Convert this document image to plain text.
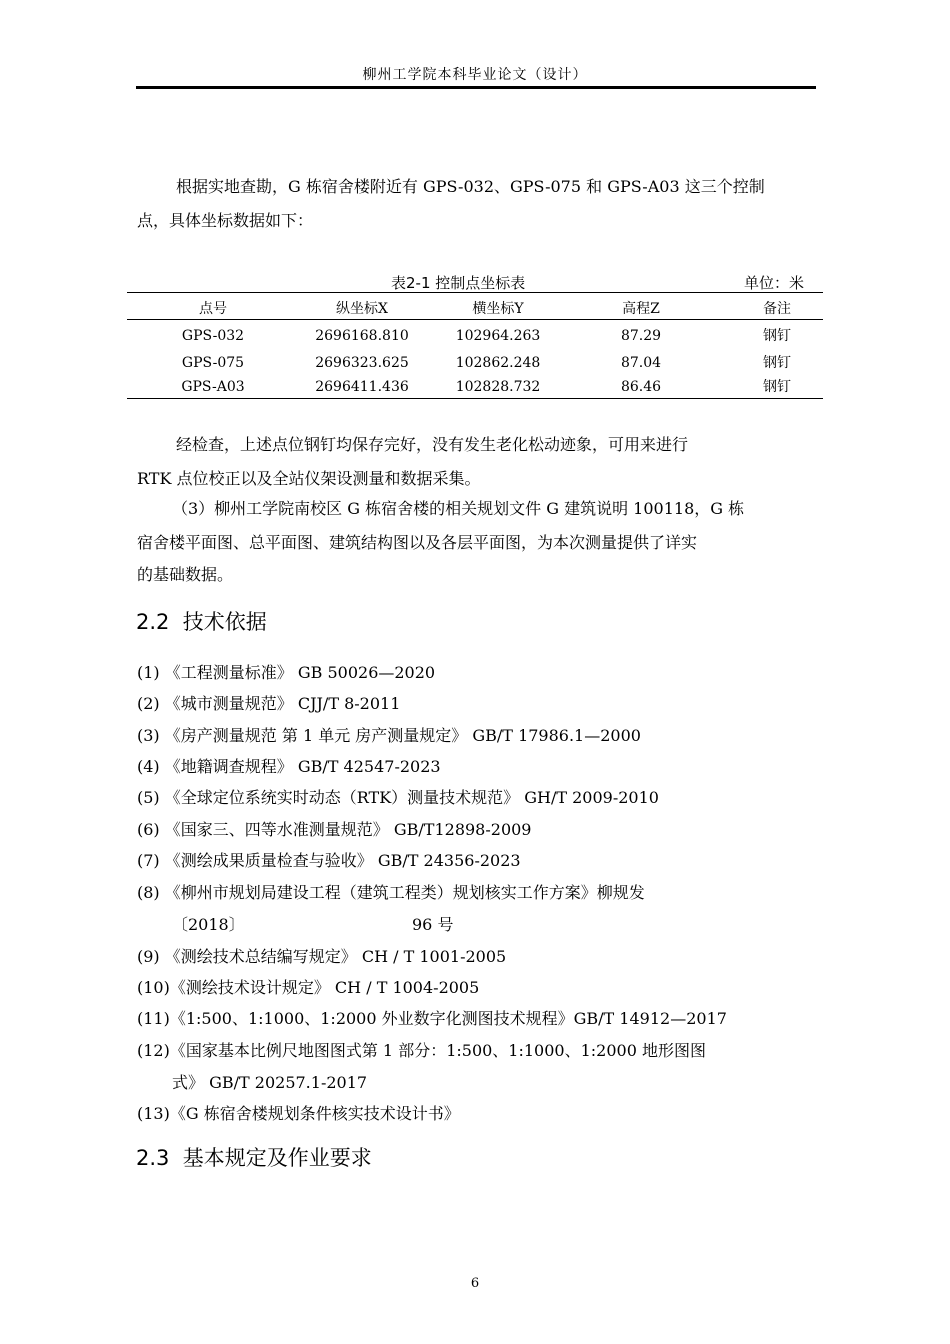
柳州工学院本科毕业论文（设计）
根据实地查勘，G 栋宿舍楼附近有 GPS-032、GPS-075 和 GPS-A03 这三个控制
点，具体坐标数据如下：
表2-1 控制点坐标表	单位：米
点号	纵坐标X	横坐标Y	高程Z	备注
GPS-032	2696168.810	102964.263	87.29	钢钉
GPS-075	2696323.625	102862.248	87.04	钢钉
GPS-A03	2696411.436	102828.732	86.46	钢钉
经检查，上述点位钢钉均保存完好，没有发生老化松动迹象，可用来进行
RTK 点位校正以及全站仪架设测量和数据采集。
（3）柳州工学院南校区 G 栋宿舍楼的相关规划文件 G 建筑说明 100118，G 栋
宿舍楼平面图、总平面图、建筑结构图以及各层平面图，为本次测量提供了详实
的基础数据。
2.2 技术依据
(1) 《工程测量标准》 GB 50026—2020
(2) 《城市测量规范》 CJJ/T 8-2011
(3) 《房产测量规范 第 1 单元 房产测量规定》 GB/T 17986.1—2000
(4) 《地籍调查规程》 GB/T 42547-2023
(5) 《全球定位系统实时动态（RTK）测量技术规范》 GH/T 2009-2010
(6) 《国家三、四等水准测量规范》 GB/T12898-2009
(7) 《测绘成果质量检查与验收》 GB/T 24356-2023
(8) 《柳州市规划局建设工程（建筑工程类）规划核实工作方案》柳规发
〔2018〕	96 号
(9) 《测绘技术总结编写规定》 CH / T 1001-2005
(10)《测绘技术设计规定》 CH / T 1004-2005
(11)《1:500、1:1000、1:2000 外业数字化测图技术规程》GB/T 14912—2017
(12)《国家基本比例尺地图图式第 1 部分：1:500、1:1000、1:2000 地形图图
式》 GB/T 20257.1-2017
(13)《G 栋宿舍楼规划条件核实技术设计书》
2.3 基本规定及作业要求
6
